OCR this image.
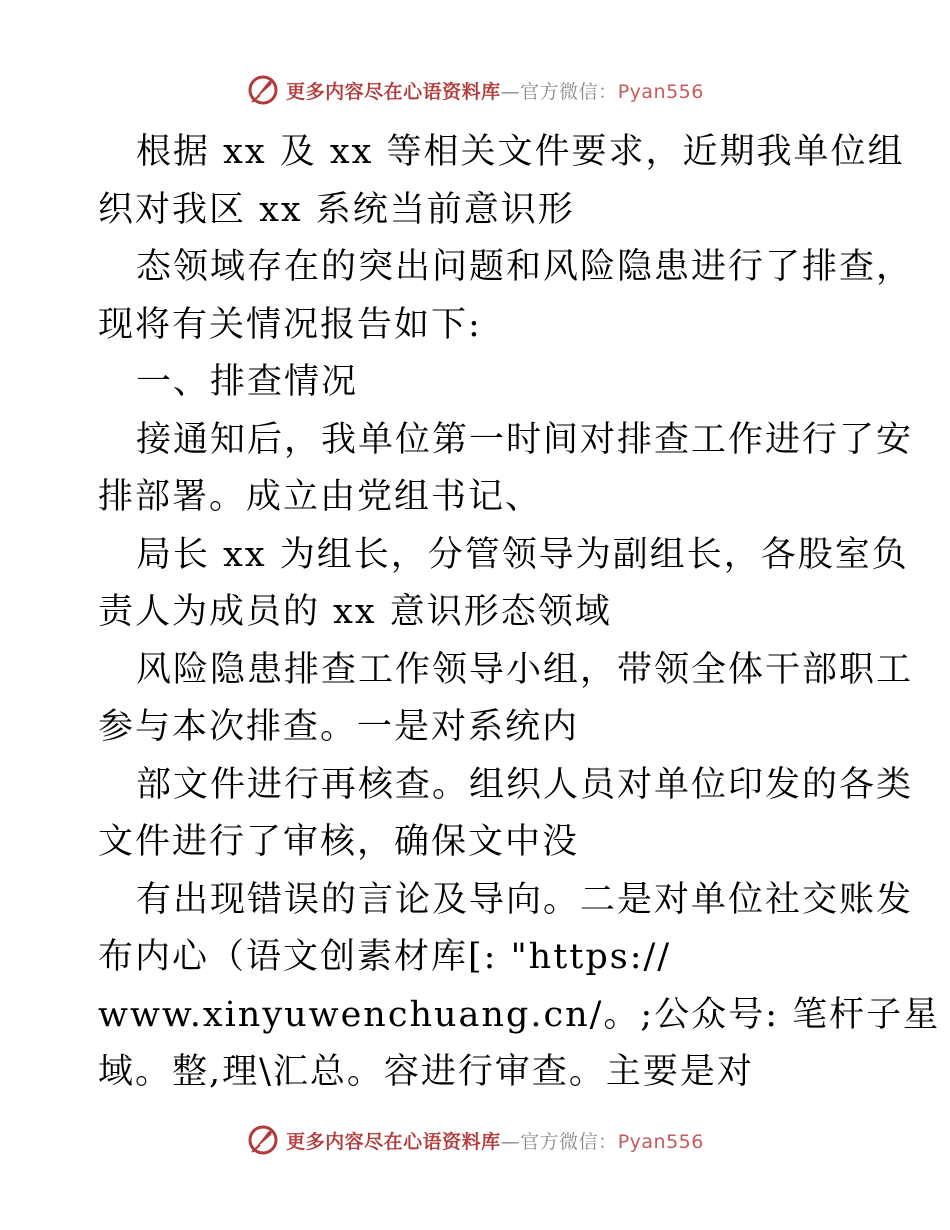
更多内容尽在心语资料库—官方微信：Pyan556

根据 xx 及 xx 等相关文件要求，近期我单位组
织对我区 xx 系统当前意识形

态领域存在的突出问题和风险隐患进行了排查，
现将有关情况报告如下:

一、排查情况

接通知后，我单位第一时间对排查工作进行了安
排部署。成立由党组书记、

局长 xx 为组长，分管领导为副组长，各股室负
责人为成员的 xx 意识形态领域

风险隐患排查工作领导小组，带领全体干部职工
参与本次排查。一是对系统内

部文件进行再核查。组织人员对单位印发的各类
文件进行了审核，确保文中没

有出现错误的言论及导向。二是对单位社交账发
布内心（语文创素材库[: "https://
www.xinyuwenchuang.cn/。;公众号: 笔杆子星
域。整,理\汇总。容进行审查。主要是对

更多内容尽在心语资料库—官方微信：Pyan556
